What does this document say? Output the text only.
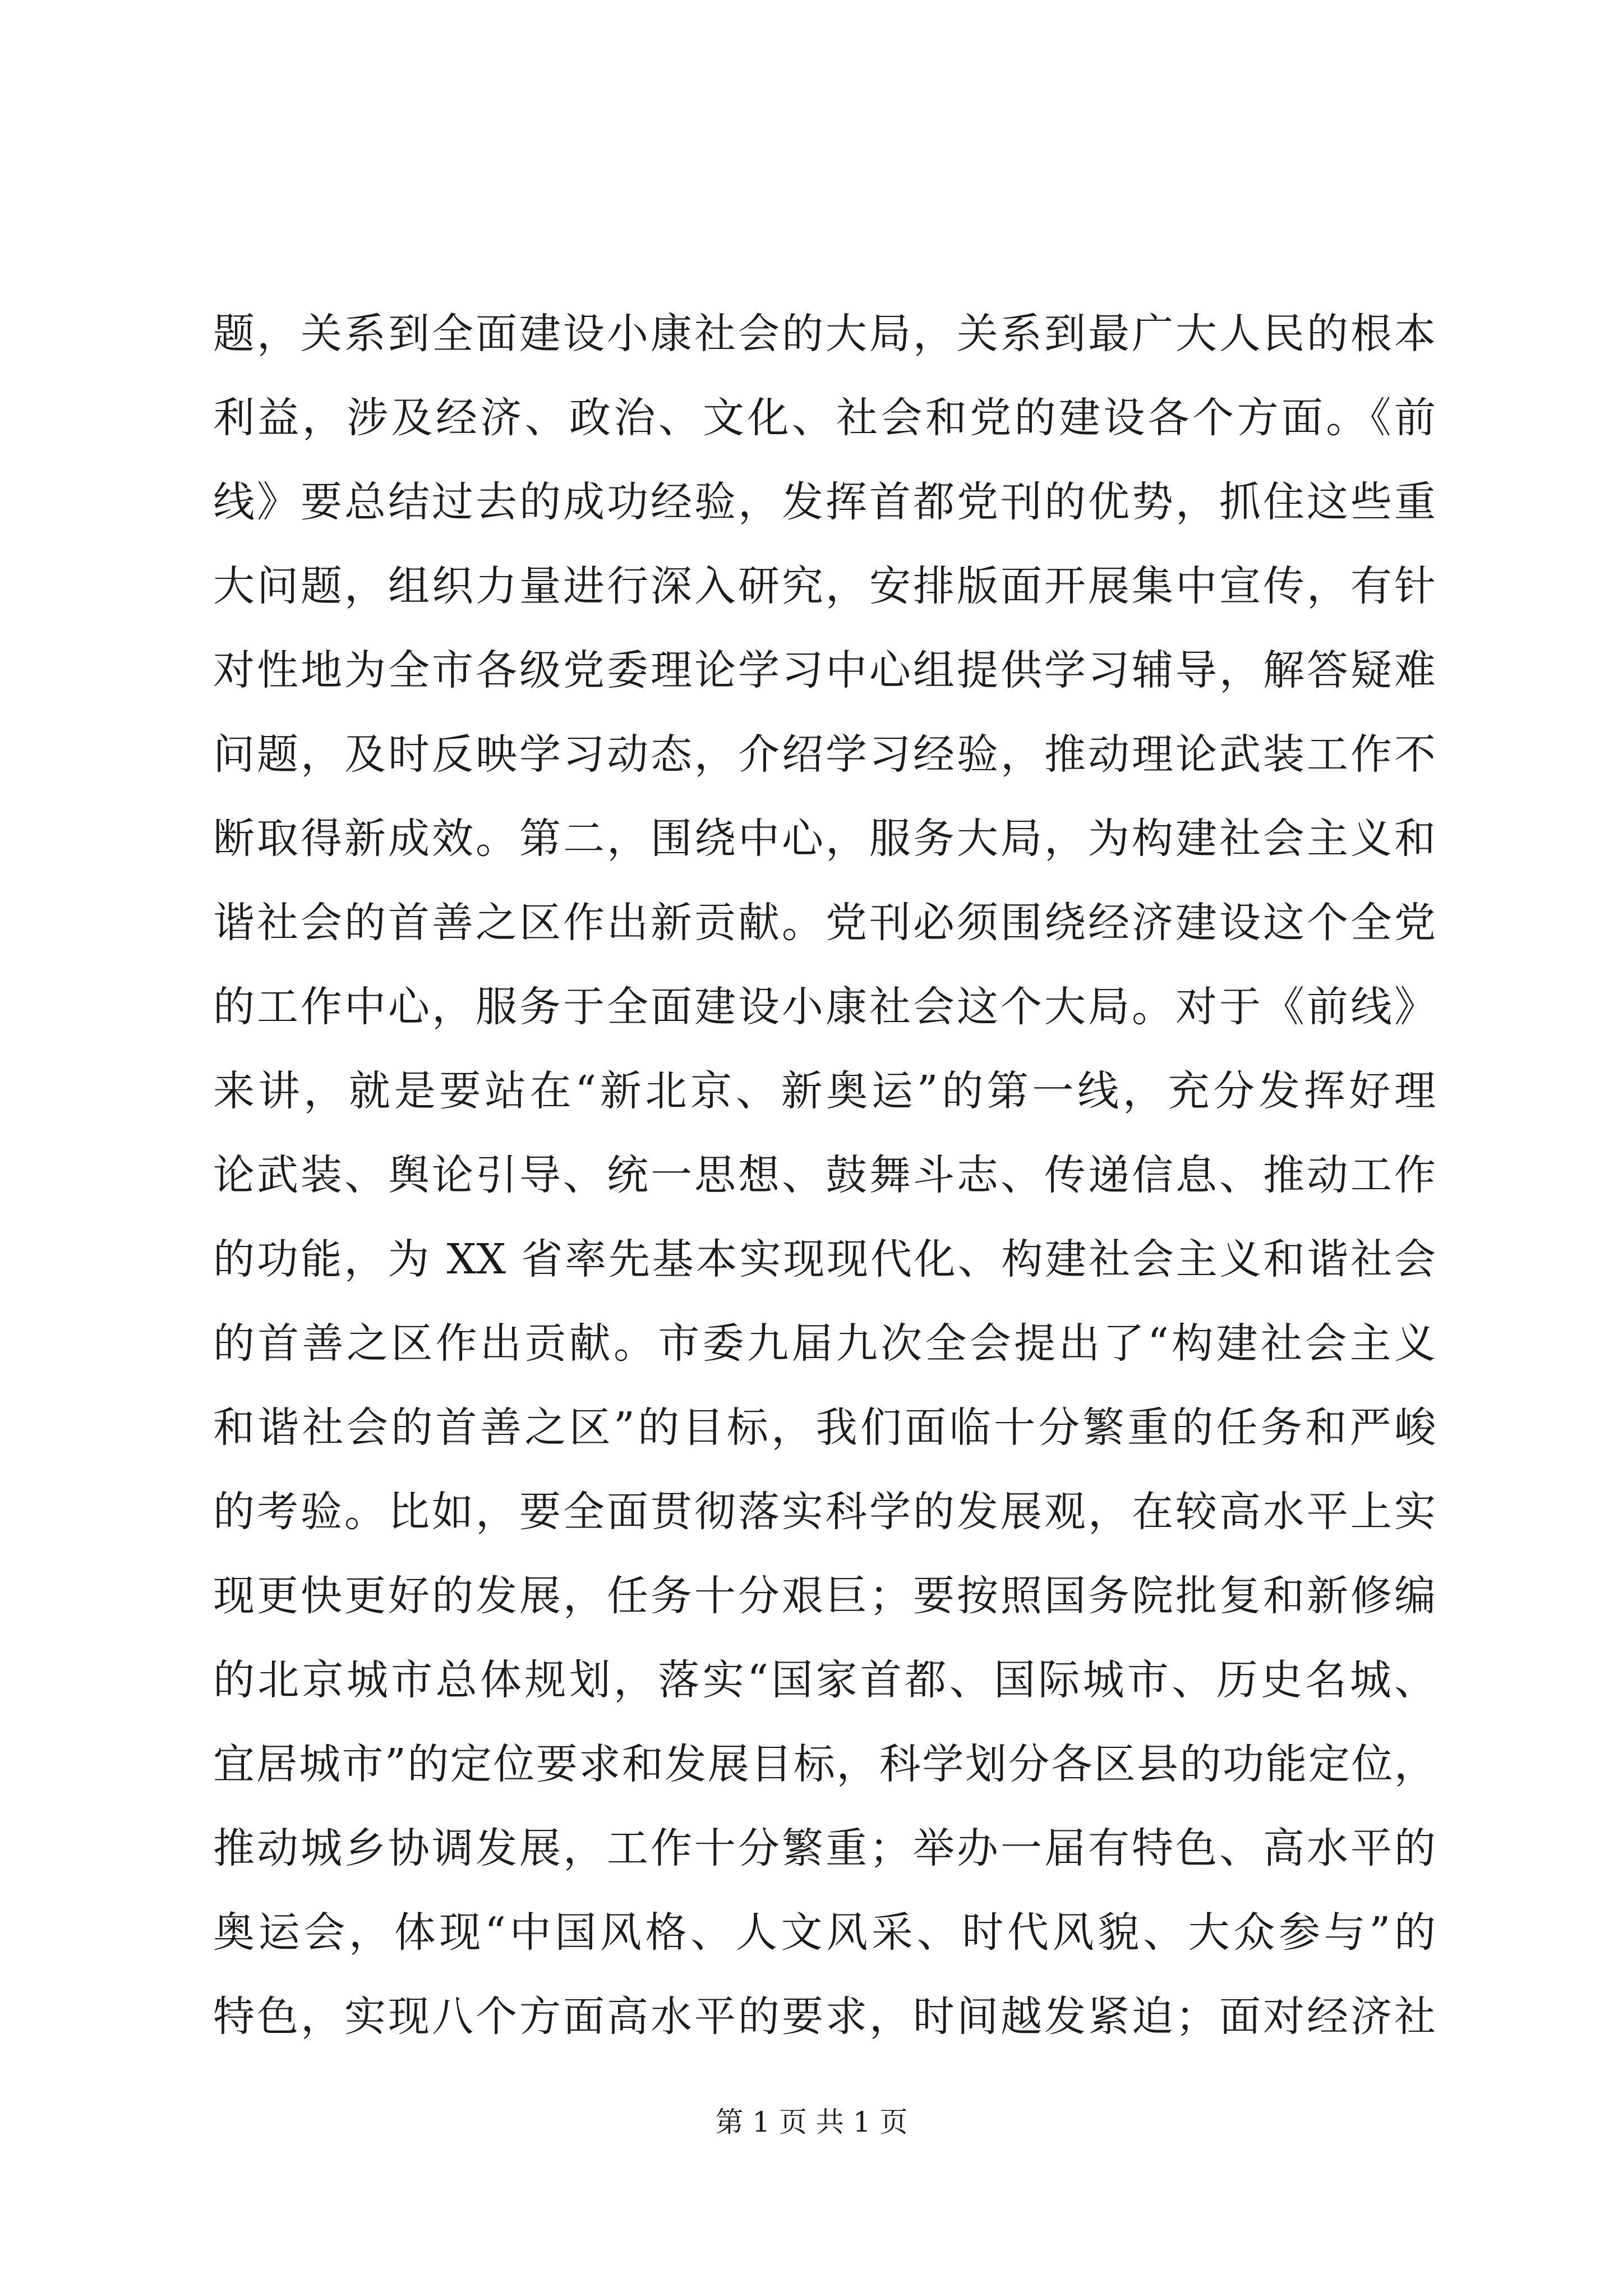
题，关系到全面建设小康社会的大局，关系到最广大人民的根本
利益，涉及经济、政治、文化、社会和党的建设各个方面。《前
线》要总结过去的成功经验，发挥首都党刊的优势，抓住这些重
大问题，组织力量进行深入研究，安排版面开展集中宣传，有针
对性地为全市各级党委理论学习中心组提供学习辅导，解答疑难
问题，及时反映学习动态，介绍学习经验，推动理论武装工作不
断取得新成效。第二，围绕中心，服务大局，为构建社会主义和
谐社会的首善之区作出新贡献。党刊必须围绕经济建设这个全党
的工作中心，服务于全面建设小康社会这个大局。对于《前线》
来讲，就是要站在“新北京、新奥运”的第一线，充分发挥好理
论武装、舆论引导、统一思想、鼓舞斗志、传递信息、推动工作
的功能，为 XX 省率先基本实现现代化、构建社会主义和谐社会
的首善之区作出贡献。市委九届九次全会提出了“构建社会主义
和谐社会的首善之区”的目标，我们面临十分繁重的任务和严峻
的考验。比如，要全面贯彻落实科学的发展观，在较高水平上实
现更快更好的发展，任务十分艰巨；要按照国务院批复和新修编
的北京城市总体规划，落实“国家首都、国际城市、历史名城、
宜居城市”的定位要求和发展目标，科学划分各区县的功能定位，
推动城乡协调发展，工作十分繁重；举办一届有特色、高水平的
奥运会，体现“中国风格、人文风采、时代风貌、大众参与”的
特色，实现八个方面高水平的要求，时间越发紧迫；面对经济社
第 1 页 共 1 页
